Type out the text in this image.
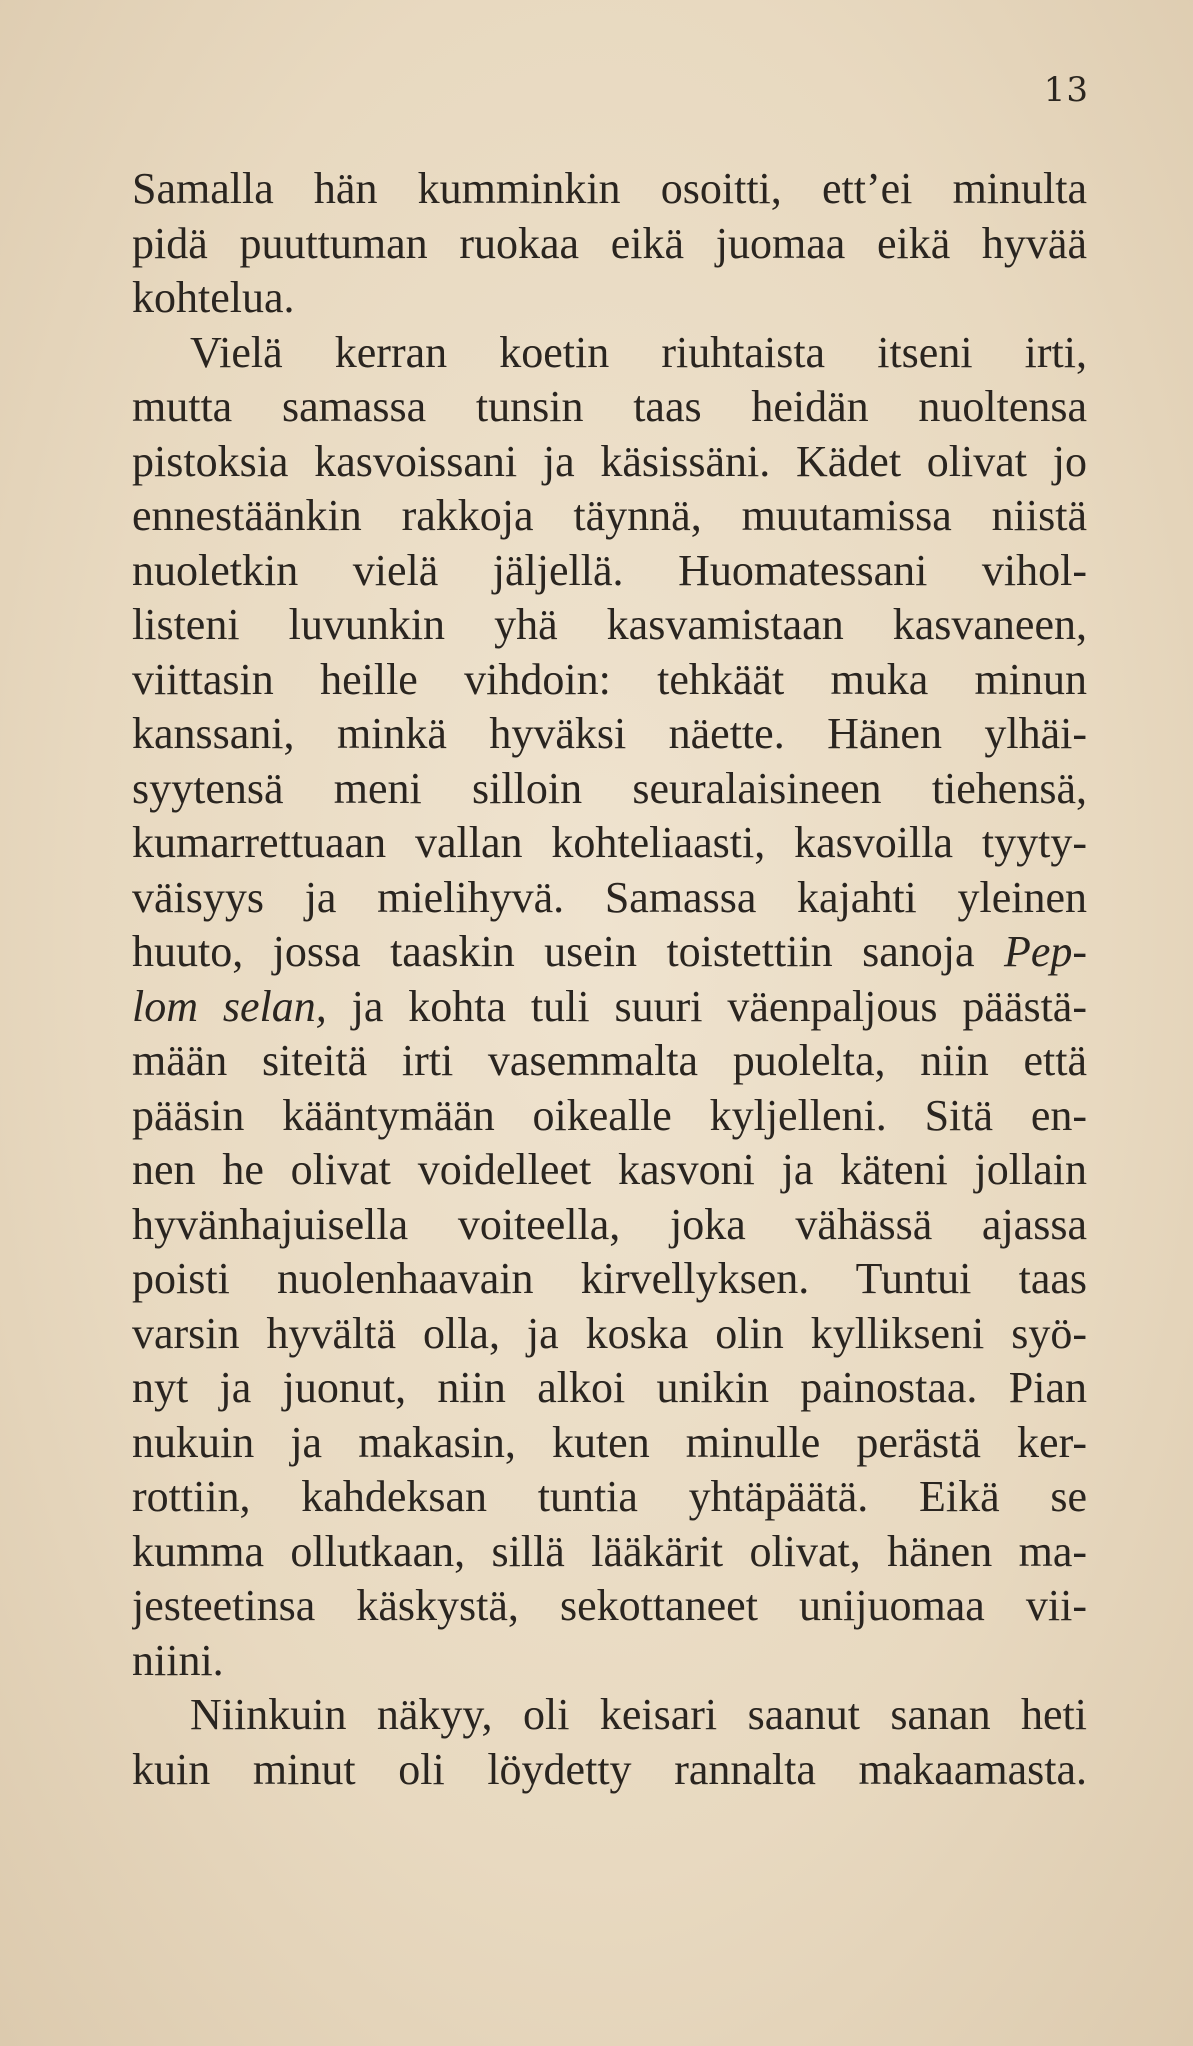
13
Samalla hän kumminkin osoitti, ett’ei minulta
pidä puuttuman ruokaa eikä juomaa eikä hyvää
kohtelua.
Vielä kerran koetin riuhtaista itseni irti,
mutta samassa tunsin taas heidän nuoltensa
pistoksia kasvoissani ja käsissäni. Kädet olivat jo
ennestäänkin rakkoja täynnä, muutamissa niistä
nuoletkin vielä jäljellä. Huomatessani vihol-
listeni luvunkin yhä kasvamistaan kasvaneen,
viittasin heille vihdoin: tehkäät muka minun
kanssani, minkä hyväksi näette. Hänen ylhäi-
syytensä meni silloin seuralaisineen tiehensä,
kumarrettuaan vallan kohteliaasti, kasvoilla tyyty-
väisyys ja mielihyvä. Samassa kajahti yleinen
huuto, jossa taaskin usein toistettiin sanoja Pep-
lom selan, ja kohta tuli suuri väenpaljous päästä-
mään siteitä irti vasemmalta puolelta, niin että
pääsin kääntymään oikealle kyljelleni. Sitä en-
nen he olivat voidelleet kasvoni ja käteni jollain
hyvänhajuisella voiteella, joka vähässä ajassa
poisti nuolenhaavain kirvellyksen. Tuntui taas
varsin hyvältä olla, ja koska olin kyllikseni syö-
nyt ja juonut, niin alkoi unikin painostaa. Pian
nukuin ja makasin, kuten minulle perästä ker-
rottiin, kahdeksan tuntia yhtäpäätä. Eikä se
kumma ollutkaan, sillä lääkärit olivat, hänen ma-
jesteetinsa käskystä, sekottaneet unijuomaa vii-
niini.
Niinkuin näkyy, oli keisari saanut sanan heti
kuin minut oli löydetty rannalta makaamasta.
